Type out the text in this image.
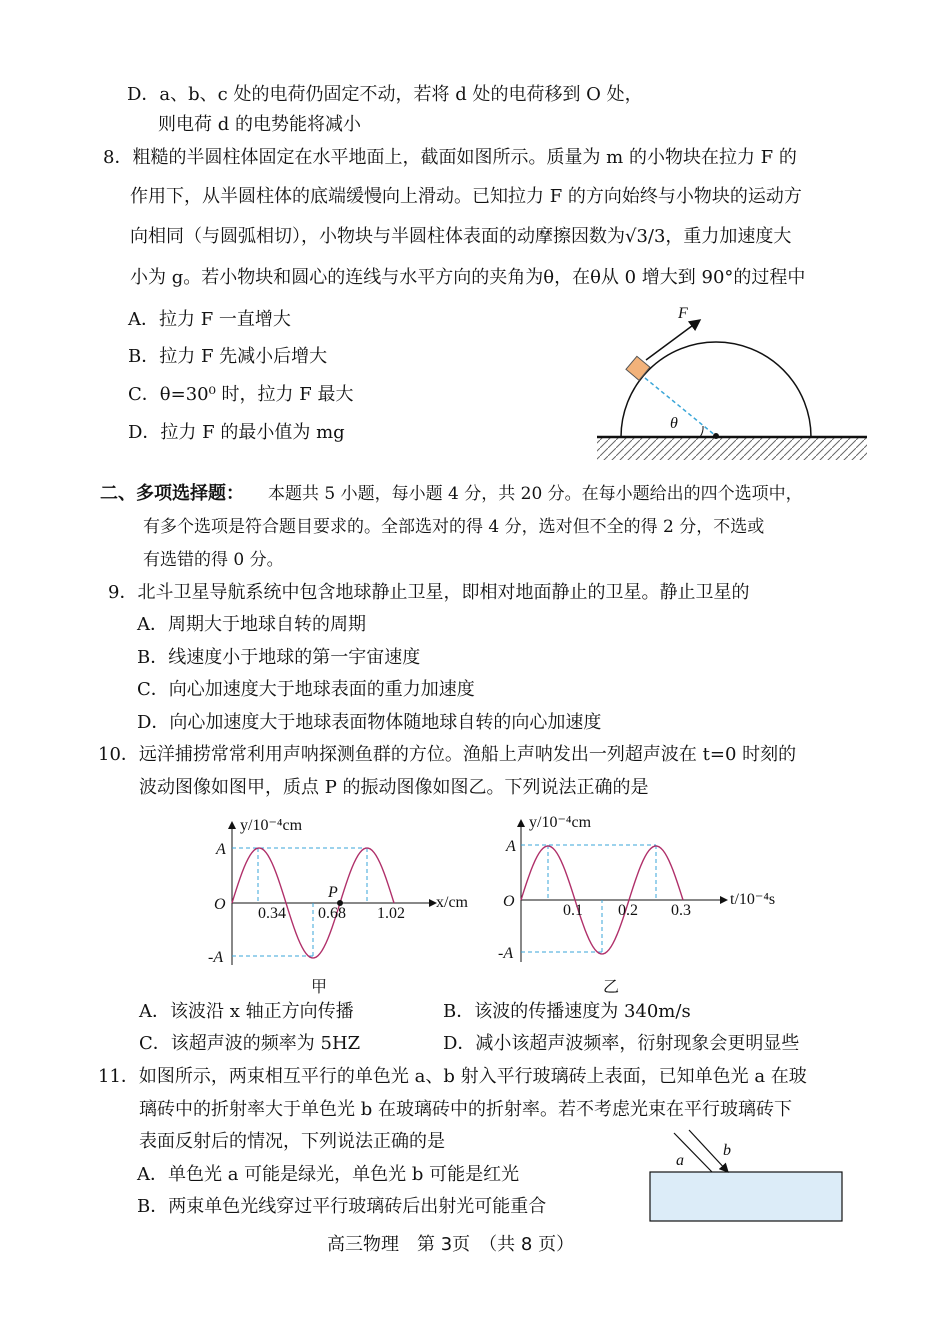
D．a、b、c 处的电荷仍固定不动，若将 d 处的电荷移到 O 处，
则电荷 d 的电势能将减小
8．粗糙的半圆柱体固定在水平地面上，截面如图所示。质量为 m 的小物块在拉力 F 的
作用下，从半圆柱体的底端缓慢向上滑动。已知拉力 F 的方向始终与小物块的运动方
向相同（与圆弧相切），小物块与半圆柱体表面的动摩擦因数为√3/3，重力加速度大
小为 g。若小物块和圆心的连线与水平方向的夹角为θ，在θ从 0 增大到 90°的过程中
A．拉力 F 一直增大
B．拉力 F 先减小后增大
C．θ=30⁰ 时，拉力 F 最大
D．拉力 F 的最小值为 mg
二、多项选择题： 本题共 5 小题，每小题 4 分，共 20 分。在每小题给出的四个选项中，
有多个选项是符合题目要求的。全部选对的得 4 分，选对但不全的得 2 分，不选或
有选错的得 0 分。
9．北斗卫星导航系统中包含地球静止卫星，即相对地面静止的卫星。静止卫星的
A．周期大于地球自转的周期
B．线速度小于地球的第一宇宙速度
C．向心加速度大于地球表面的重力加速度
D．向心加速度大于地球表面物体随地球自转的向心加速度
10．远洋捕捞常常利用声呐探测鱼群的方位。渔船上声呐发出一列超声波在 t=0 时刻的
波动图像如图甲，质点 P 的振动图像如图乙。下列说法正确的是
A．该波沿 x 轴正方向传播	B．该波的传播速度为 340m/s
C．该超声波的频率为 5HZ	D．减小该超声波频率，衍射现象会更明显些
11．如图所示，两束相互平行的单色光 a、b 射入平行玻璃砖上表面，已知单色光 a 在玻
璃砖中的折射率大于单色光 b 在玻璃砖中的折射率。若不考虑光束在平行玻璃砖下
表面反射后的情况，下列说法正确的是
A．单色光 a 可能是绿光，单色光 b 可能是红光
B．两束单色光线穿过平行玻璃砖后出射光可能重合
高三物理　第 3页　（共 8 页）
F
θ
y/10⁻⁴cm
x/cm
A
-A
O
P
0.34 0.68 1.02
甲
y/10⁻⁴cm
t/10⁻⁴s
A
-A
O
0.1 0.2 0.3
乙
a
b
